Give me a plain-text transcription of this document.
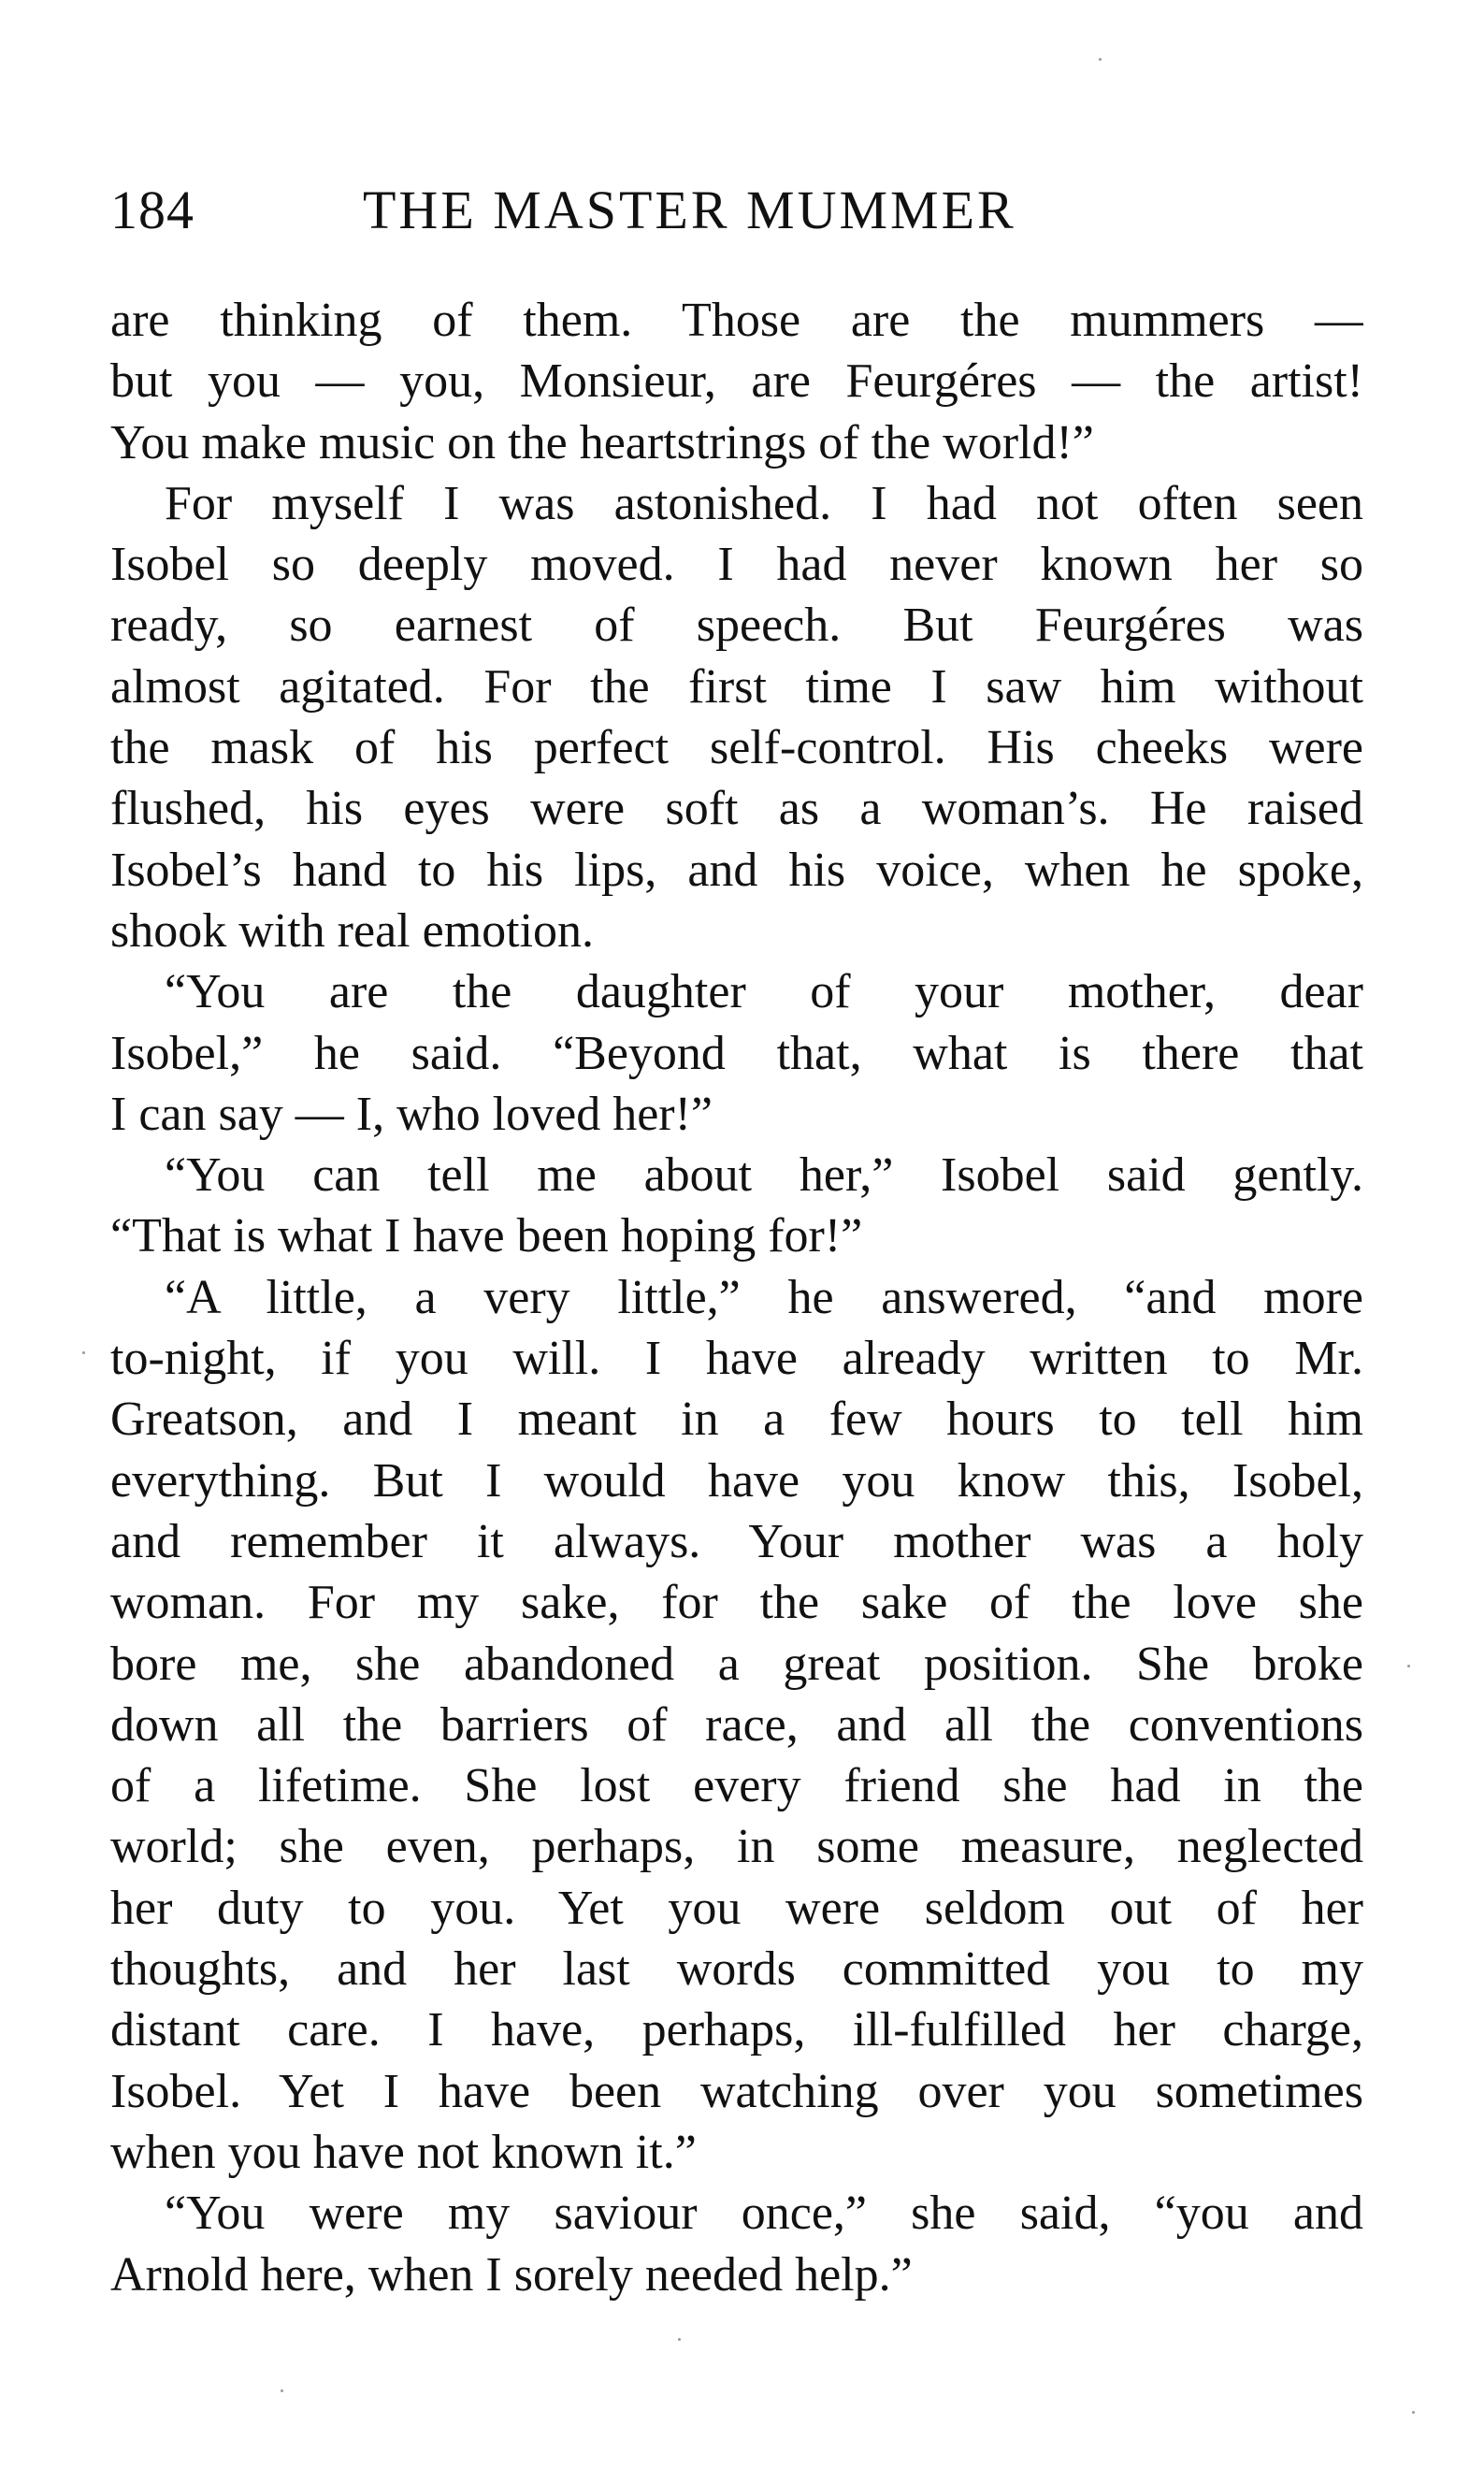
184	THE MASTER MUMMER
are thinking of them. Those are the mummers —
but you — you, Monsieur, are Feurgéres — the artist!
You make music on the heartstrings of the world!”
For myself I was astonished. I had not often seen
Isobel so deeply moved. I had never known her so
ready, so earnest of speech. But Feurgéres was
almost agitated. For the first time I saw him without
the mask of his perfect self-control. His cheeks were
flushed, his eyes were soft as a woman’s. He raised
Isobel’s hand to his lips, and his voice, when he spoke,
shook with real emotion.
“You are the daughter of your mother, dear
Isobel,” he said. “Beyond that, what is there that
I can say — I, who loved her!”
“You can tell me about her,” Isobel said gently.
“That is what I have been hoping for!”
“A little, a very little,” he answered, “and more
to-night, if you will. I have already written to Mr.
Greatson, and I meant in a few hours to tell him
everything. But I would have you know this, Isobel,
and remember it always. Your mother was a holy
woman. For my sake, for the sake of the love she
bore me, she abandoned a great position. She broke
down all the barriers of race, and all the conventions
of a lifetime. She lost every friend she had in the
world; she even, perhaps, in some measure, neglected
her duty to you. Yet you were seldom out of her
thoughts, and her last words committed you to my
distant care. I have, perhaps, ill-fulfilled her charge,
Isobel. Yet I have been watching over you sometimes
when you have not known it.”
“You were my saviour once,” she said, “you and
Arnold here, when I sorely needed help.”
